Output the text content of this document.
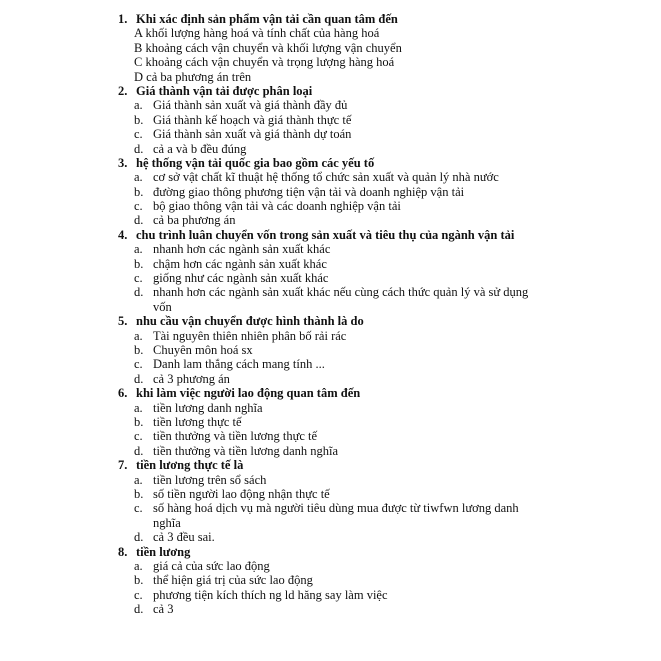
1. Khi xác định sản phẩm vận tải cần quan tâm đến
A khối lượng hàng hoá và tính chất của hàng hoá
B khoảng cách vận chuyển và khối lượng vận chuyển
C khoảng cách vận chuyển và trọng lượng hàng hoá
D cả ba phương án trên
2. Giá thành vận tải được phân loại
a. Giá thành sản xuất và giá thành đầy đủ
b. Giá thành kế hoạch và giá thành thực tế
c. Giá thành sản xuất và giá thành dự toán
d. cả a và b đều đúng
3. hệ thống vận tải quốc gia bao gồm các yếu tố
a. cơ sở vật chất kĩ thuật hệ thống tổ chức sản xuất và quản lý nhà nước
b. đường giao thông phương tiện vận tải và doanh nghiệp vận tải
c. bộ giao thông vận tải và các doanh nghiệp vận tải
d. cả ba phương án
4. chu trình luân chuyển vốn trong sản xuất và tiêu thụ của ngành vận tải
a. nhanh hơn các ngành sản xuất khác
b. chậm hơn các ngành sản xuất khác
c. giống như các ngành sản xuất khác
d. nhanh hơn các ngành sản xuất khác nếu cùng cách thức quản lý và sử dụng vốn
5. nhu cầu vận chuyển được hình thành là do
a. Tài nguyên thiên nhiên phân bố rải rác
b. Chuyên môn hoá sx
c. Danh lam thắng cách mang tính ...
d. cả 3 phương án
6. khi làm việc người lao động quan tâm đến
a. tiền lương danh nghĩa
b. tiền lương thực tế
c. tiền thưởng và tiền lương thực tế
d. tiền thưởng và tiền lương danh nghĩa
7. tiền lương thực tế là
a. tiền lương trên sổ sách
b. số tiền người lao động nhận thực tế
c. số hàng hoá dịch vụ mà người tiêu dùng mua được từ tiwfwn lương danh nghĩa
d. cả 3 đều sai.
8. tiền lương
a. giá cả của sức lao động
b. thể hiện giá trị của sức lao động
c. phương tiện kích thích ng ld hăng say làm việc
d. cả 3
